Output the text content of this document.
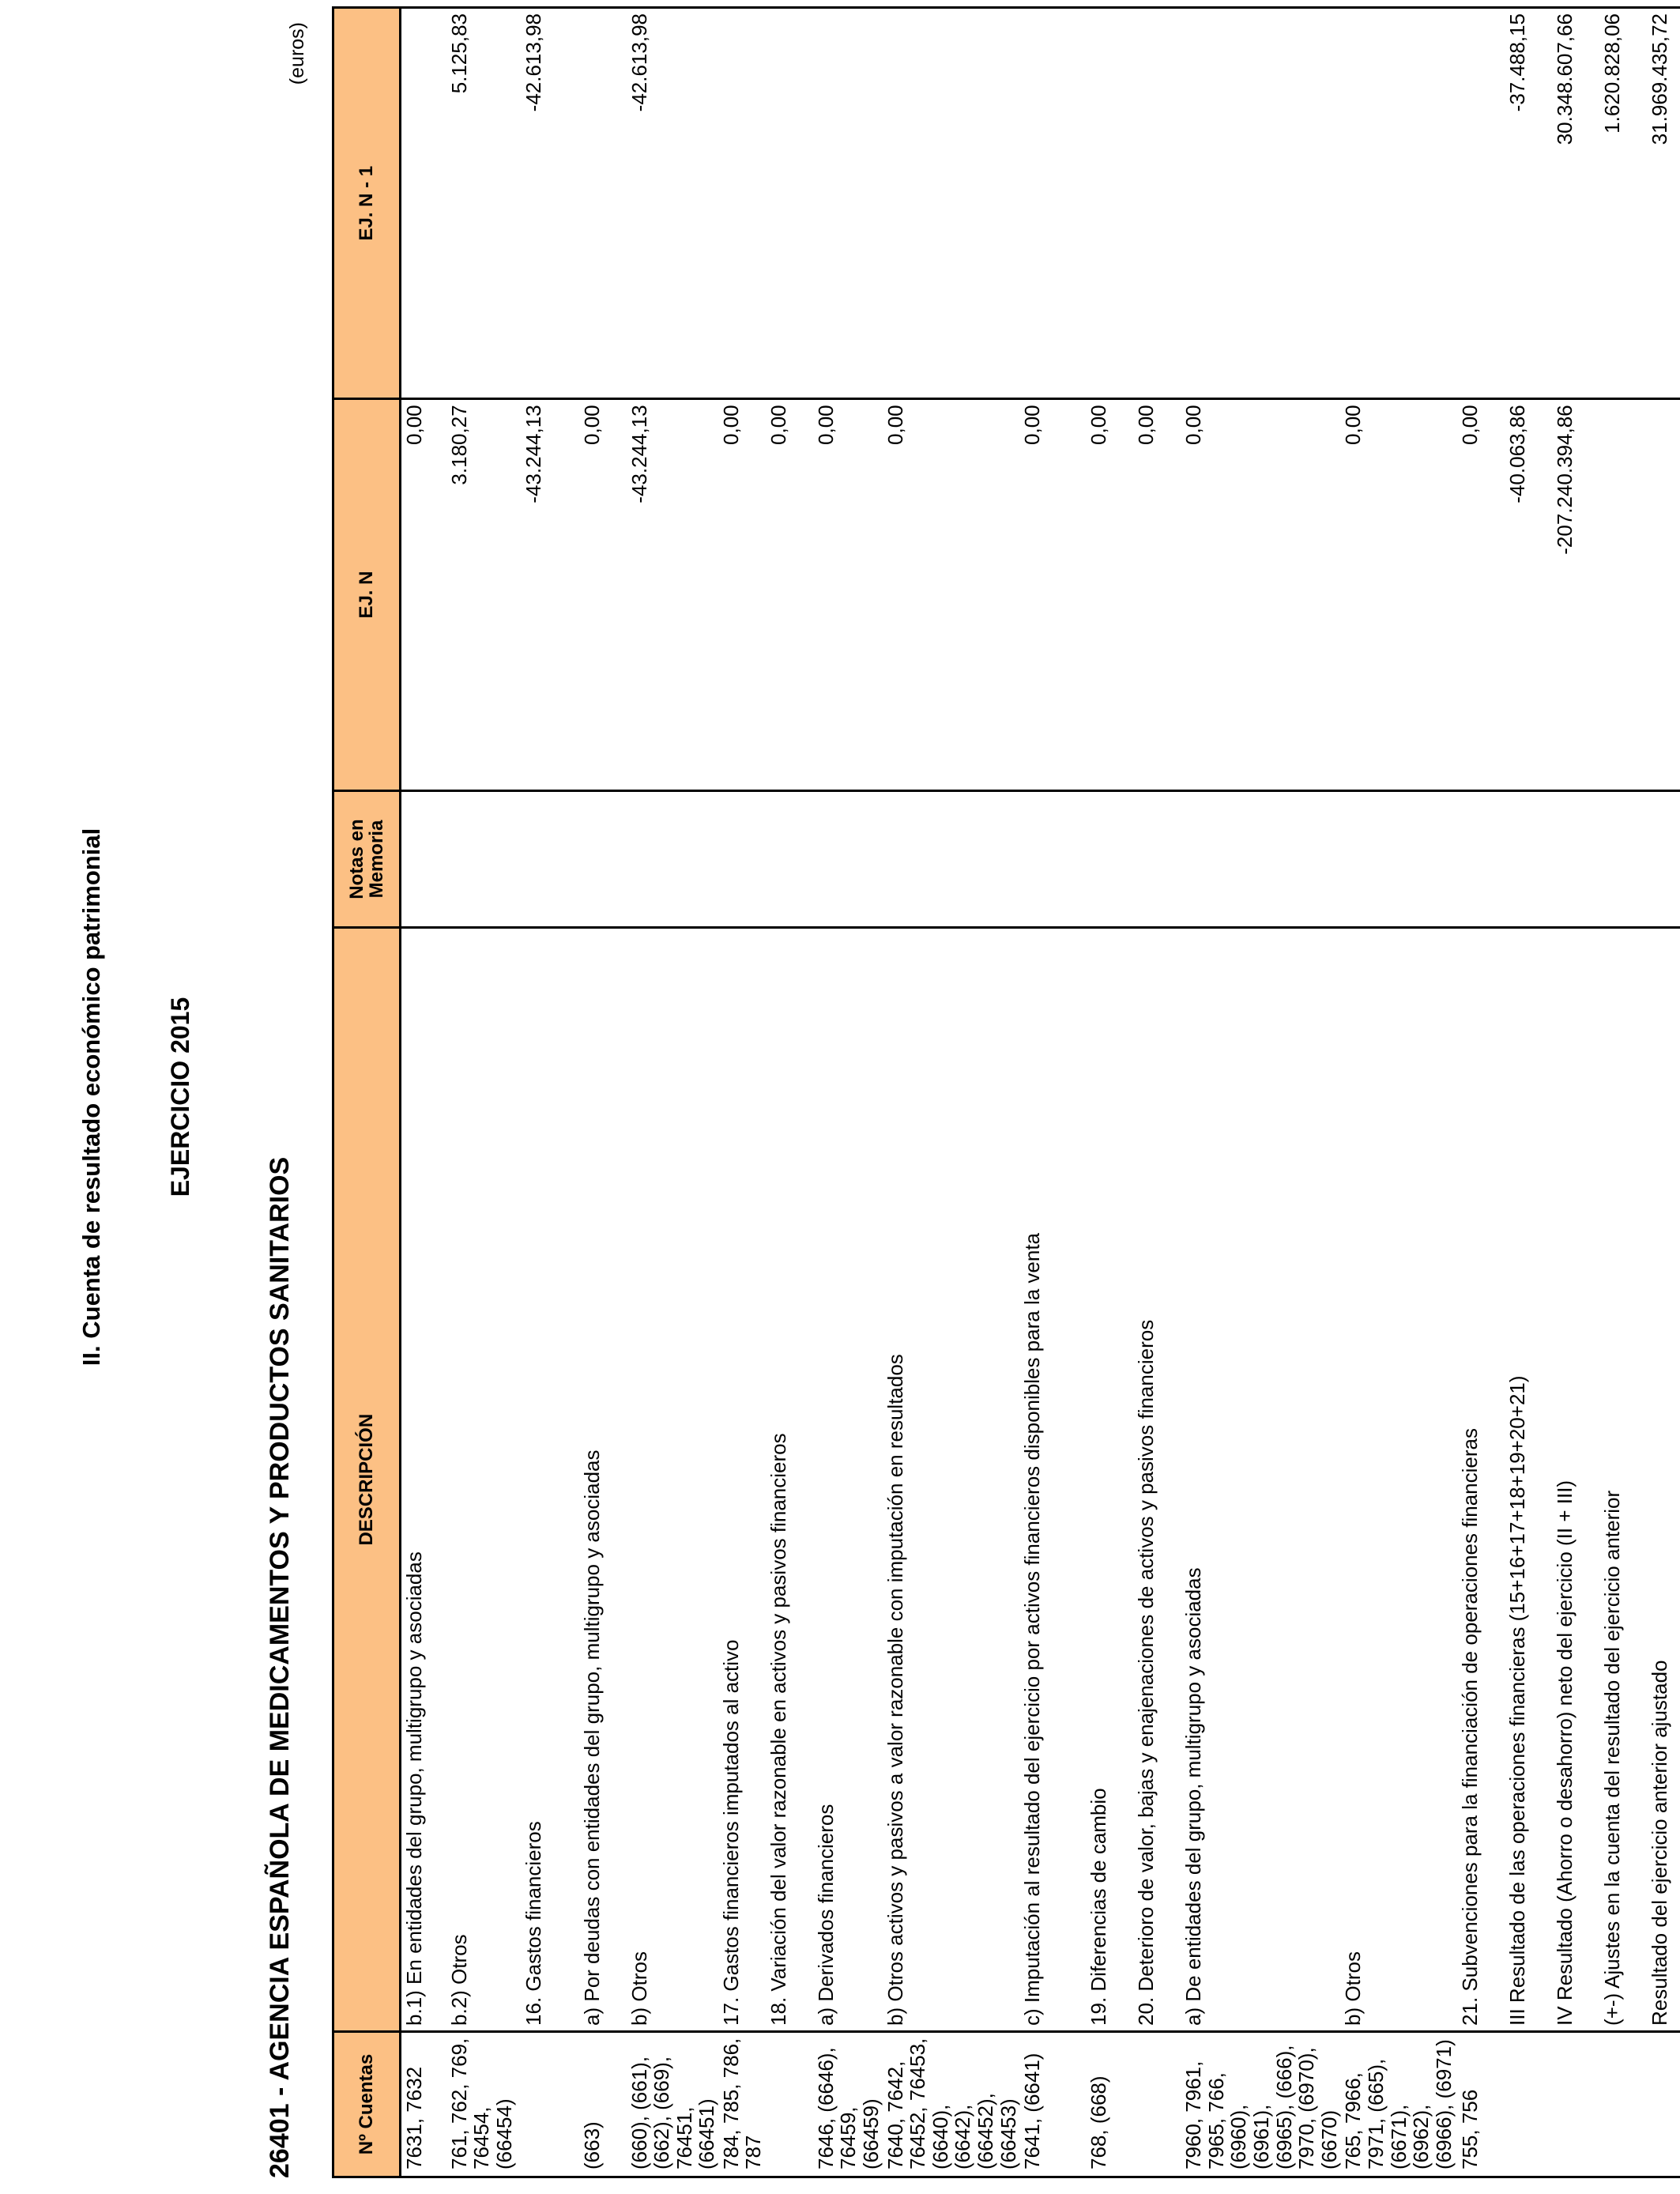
II. Cuenta de resultado económico patrimonial EJERCICIO 2015
26401 - AGENCIA ESPAÑOLA DE MEDICAMENTOS Y PRODUCTOS SANITARIOS
(euros)
Nº Cuentas	DESCRIPCIÓN	Notas en Memoria	EJ. N	EJ. N - 1
7631, 7632	b.1) En entidades del grupo, multigrupo y asociadas		0,00	
761, 762, 769, 76454, (66454)	b.2) Otros		3.180,27	5.125,83
	16. Gastos financieros		-43.244,13	-42.613,98
(663)	a) Por deudas con entidades del grupo, multigrupo y asociadas		0,00	
(660), (661), (662), (669), 76451, (66451)	b) Otros		-43.244,13	-42.613,98
784, 785, 786, 787	17. Gastos financieros imputados al activo		0,00	
	18. Variación del valor razonable en activos y pasivos financieros		0,00	
7646, (6646), 76459, (66459)	a) Derivados financieros		0,00	
7640, 7642, 76452, 76453, (6640), (6642), (66452), (66453)	b) Otros activos y pasivos a valor razonable con imputación en resultados		0,00	
7641, (6641)	c) Imputación al resultado del ejercicio por activos financieros disponibles para la venta		0,00	
768, (668)	19. Diferencias de cambio		0,00	
	20. Deterioro de valor, bajas y enajenaciones de activos y pasivos financieros		0,00	
7960, 7961, 7965, 766, (6960), (6961), (6965), (666), 7970, (6970), (6670)	a) De entidades del grupo, multigrupo y asociadas		0,00	
765, 7966, 7971, (665), (6671), (6962), (6966), (6971)	b) Otros		0,00	
755, 756	21. Subvenciones para la financiación de operaciones financieras		0,00	
	III Resultado de las operaciones financieras (15+16+17+18+19+20+21)		-40.063,86	-37.488,15
	IV Resultado (Ahorro o desahorro) neto del ejercicio (II + III)		-207.240.394,86	30.348.607,66
	(+-) Ajustes en la cuenta del resultado del ejercicio anterior			1.620.828,06
	Resultado del ejercicio anterior ajustado			31.969.435,72
